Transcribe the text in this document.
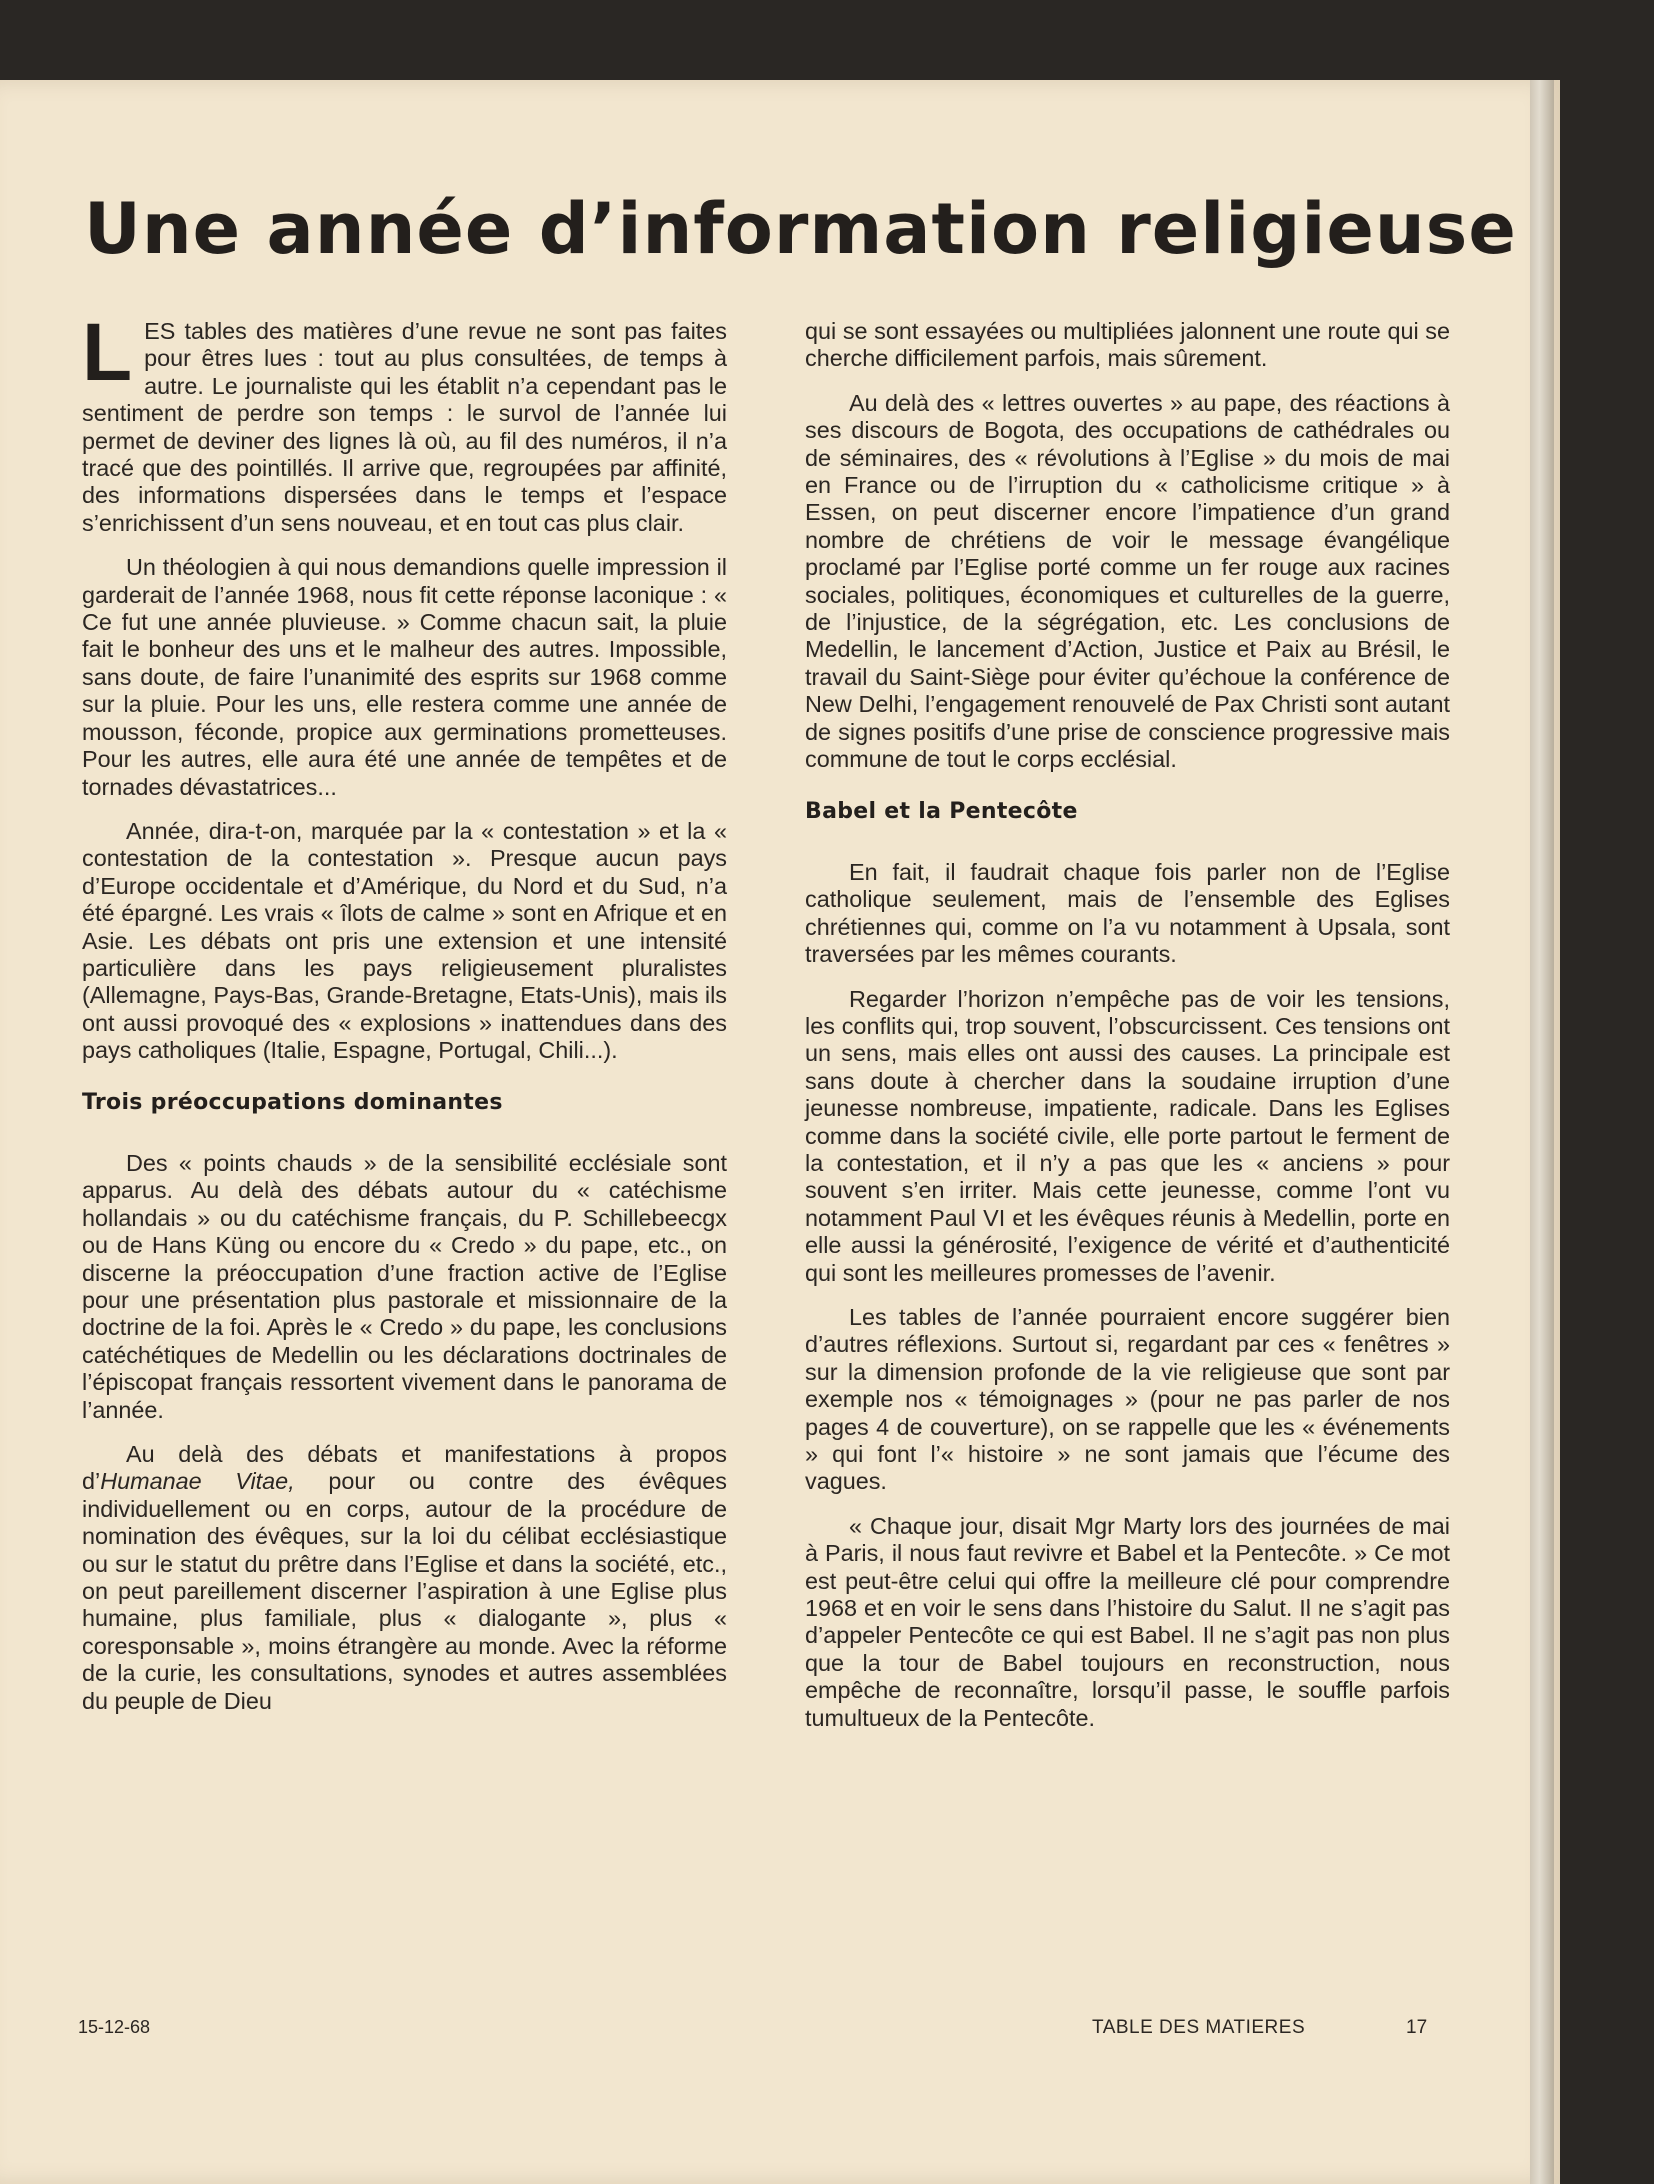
Une année d’information religieuse

LES tables des matières d’une revue ne sont pas faites pour êtres lues : tout au plus consultées, de temps à autre. Le journaliste qui les établit n’a cependant pas le sentiment de perdre son temps : le survol de l’année lui permet de deviner des lignes là où, au fil des numéros, il n’a tracé que des pointillés. Il arrive que, regroupées par affinité, des informations dispersées dans le temps et l’espace s’enrichissent d’un sens nouveau, et en tout cas plus clair.

Un théologien à qui nous demandions quelle impression il garderait de l’année 1968, nous fit cette réponse laconique : « Ce fut une année pluvieuse. » Comme chacun sait, la pluie fait le bonheur des uns et le malheur des autres. Impossible, sans doute, de faire l’unanimité des esprits sur 1968 comme sur la pluie. Pour les uns, elle restera comme une année de mousson, féconde, propice aux germinations prometteuses. Pour les autres, elle aura été une année de tempêtes et de tornades dévastatrices...

Année, dira-t-on, marquée par la « contestation » et la « contestation de la contestation ». Presque aucun pays d’Europe occidentale et d’Amérique, du Nord et du Sud, n’a été épargné. Les vrais « îlots de calme » sont en Afrique et en Asie. Les débats ont pris une extension et une intensité particulière dans les pays religieusement pluralistes (Allemagne, Pays-Bas, Grande-Bretagne, Etats-Unis), mais ils ont aussi provoqué des « explosions » inattendues dans des pays catholiques (Italie, Espagne, Portugal, Chili...).

Trois préoccupations dominantes

Des « points chauds » de la sensibilité ecclésiale sont apparus. Au delà des débats autour du « catéchisme hollandais » ou du catéchisme français, du P. Schillebeecgx ou de Hans Küng ou encore du « Credo » du pape, etc., on discerne la préoccupation d’une fraction active de l’Eglise pour une présentation plus pastorale et missionnaire de la doctrine de la foi. Après le « Credo » du pape, les conclusions catéchétiques de Medellin ou les déclarations doctrinales de l’épiscopat français ressortent vivement dans le panorama de l’année.

Au delà des débats et manifestations à propos d’Humanae Vitae, pour ou contre des évêques individuellement ou en corps, autour de la procédure de nomination des évêques, sur la loi du célibat ecclésiastique ou sur le statut du prêtre dans l’Eglise et dans la société, etc., on peut pareillement discerner l’aspiration à une Eglise plus humaine, plus familiale, plus « dialogante », plus « coresponsable », moins étrangère au monde. Avec la réforme de la curie, les consultations, synodes et autres assemblées du peuple de Dieu

qui se sont essayées ou multipliées jalonnent une route qui se cherche difficilement parfois, mais sûrement.

Au delà des « lettres ouvertes » au pape, des réactions à ses discours de Bogota, des occupations de cathédrales ou de séminaires, des « révolutions à l’Eglise » du mois de mai en France ou de l’irruption du « catholicisme critique » à Essen, on peut discerner encore l’impatience d’un grand nombre de chrétiens de voir le message évangélique proclamé par l’Eglise porté comme un fer rouge aux racines sociales, politiques, économiques et culturelles de la guerre, de l’injustice, de la ségrégation, etc. Les conclusions de Medellin, le lancement d’Action, Justice et Paix au Brésil, le travail du Saint-Siège pour éviter qu’échoue la conférence de New Delhi, l’engagement renouvelé de Pax Christi sont autant de signes positifs d’une prise de conscience progressive mais commune de tout le corps ecclésial.

Babel et la Pentecôte

En fait, il faudrait chaque fois parler non de l’Eglise catholique seulement, mais de l’ensemble des Eglises chrétiennes qui, comme on l’a vu notamment à Upsala, sont traversées par les mêmes courants.

Regarder l’horizon n’empêche pas de voir les tensions, les conflits qui, trop souvent, l’obscurcissent. Ces tensions ont un sens, mais elles ont aussi des causes. La principale est sans doute à chercher dans la soudaine irruption d’une jeunesse nombreuse, impatiente, radicale. Dans les Eglises comme dans la société civile, elle porte partout le ferment de la contestation, et il n’y a pas que les « anciens » pour souvent s’en irriter. Mais cette jeunesse, comme l’ont vu notamment Paul VI et les évêques réunis à Medellin, porte en elle aussi la générosité, l’exigence de vérité et d’authenticité qui sont les meilleures promesses de l’avenir.

Les tables de l’année pourraient encore suggérer bien d’autres réflexions. Surtout si, regardant par ces « fenêtres » sur la dimension profonde de la vie religieuse que sont par exemple nos « témoignages » (pour ne pas parler de nos pages 4 de couverture), on se rappelle que les « événements » qui font l’« histoire » ne sont jamais que l’écume des vagues.

« Chaque jour, disait Mgr Marty lors des journées de mai à Paris, il nous faut revivre et Babel et la Pentecôte. » Ce mot est peut-être celui qui offre la meilleure clé pour comprendre 1968 et en voir le sens dans l’histoire du Salut. Il ne s’agit pas d’appeler Pentecôte ce qui est Babel. Il ne s’agit pas non plus que la tour de Babel toujours en reconstruction, nous empêche de reconnaître, lorsqu’il passe, le souffle parfois tumultueux de la Pentecôte.

15-12-68	TABLE DES MATIERES	17
